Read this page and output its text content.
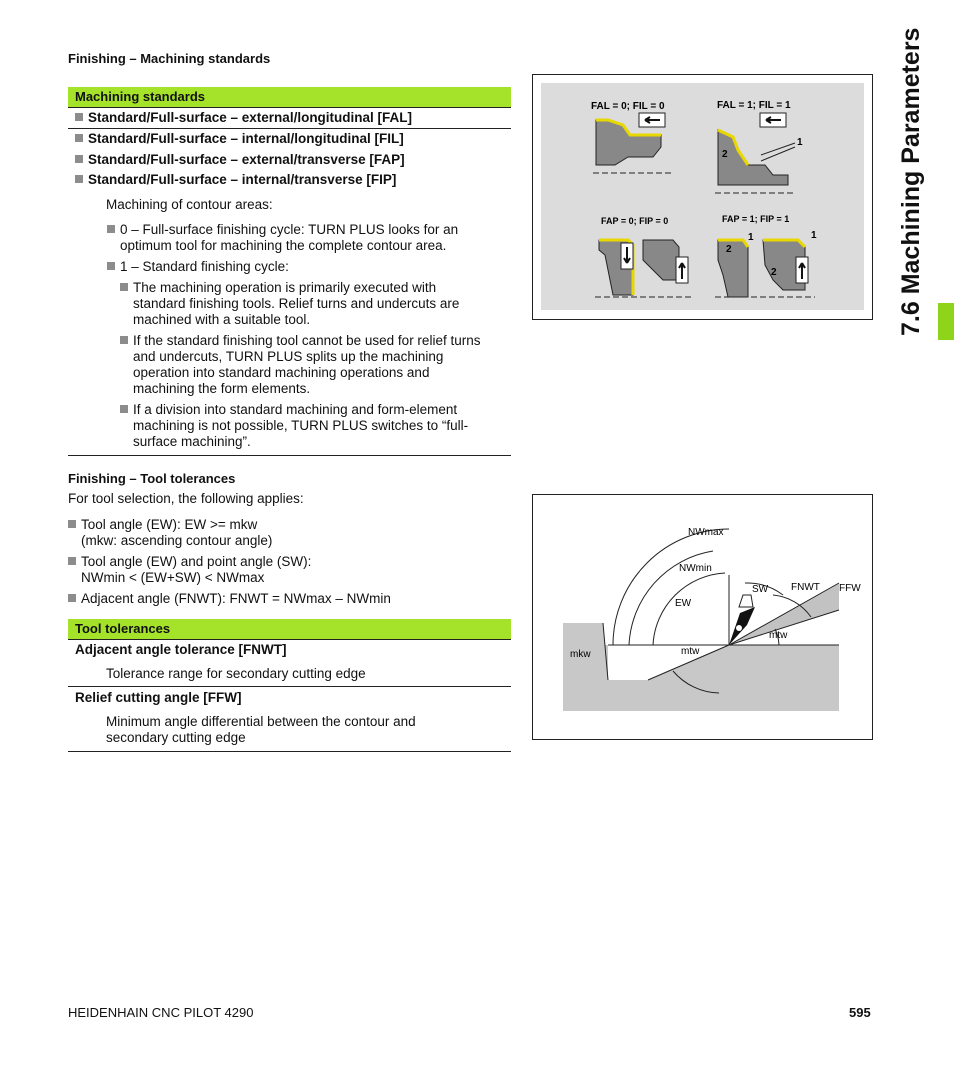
Finishing – Machining standards
Machining standards
Standard/Full-surface – external/longitudinal [FAL]
Standard/Full-surface – internal/longitudinal [FIL]
Standard/Full-surface – external/transverse [FAP]
Standard/Full-surface – internal/transverse [FIP]
Machining of contour areas:
0 – Full-surface finishing cycle: TURN PLUS looks for an
optimum tool for machining the complete contour area.
1 – Standard finishing cycle:
The machining operation is primarily executed with
standard finishing tools. Relief turns and undercuts are
machined with a suitable tool.
If the standard finishing tool cannot be used for relief turns
and undercuts, TURN PLUS splits up the machining
operation into standard machining operations and
machining the form elements.
If a division into standard machining and form-element
machining is not possible, TURN PLUS switches to “full-
surface machining”.
FAL = 0; FIL = 0	FAL = 1; FIL = 1
FAP = 0; FIP = 0	FAP = 1; FIP = 1
1
2
2
1
2
1
Finishing – Tool tolerances
For tool selection, the following applies:
Tool angle (EW): EW >= mkw
(mkw: ascending contour angle)
Tool angle (EW) and point angle (SW):
NWmin < (EW+SW) < NWmax
Adjacent angle (FNWT): FNWT = NWmax – NWmin
Tool tolerances
Adjacent angle tolerance [FNWT]
Tolerance range for secondary cutting edge
Relief cutting angle [FFW]
Minimum angle differential between the contour and
secondary cutting edge
NWmax
NWmin
SW FNWT FFW
EW
mkw	mtw
mtw
7.6 Machining Parameters
HEIDENHAIN CNC PILOT 4290	595
